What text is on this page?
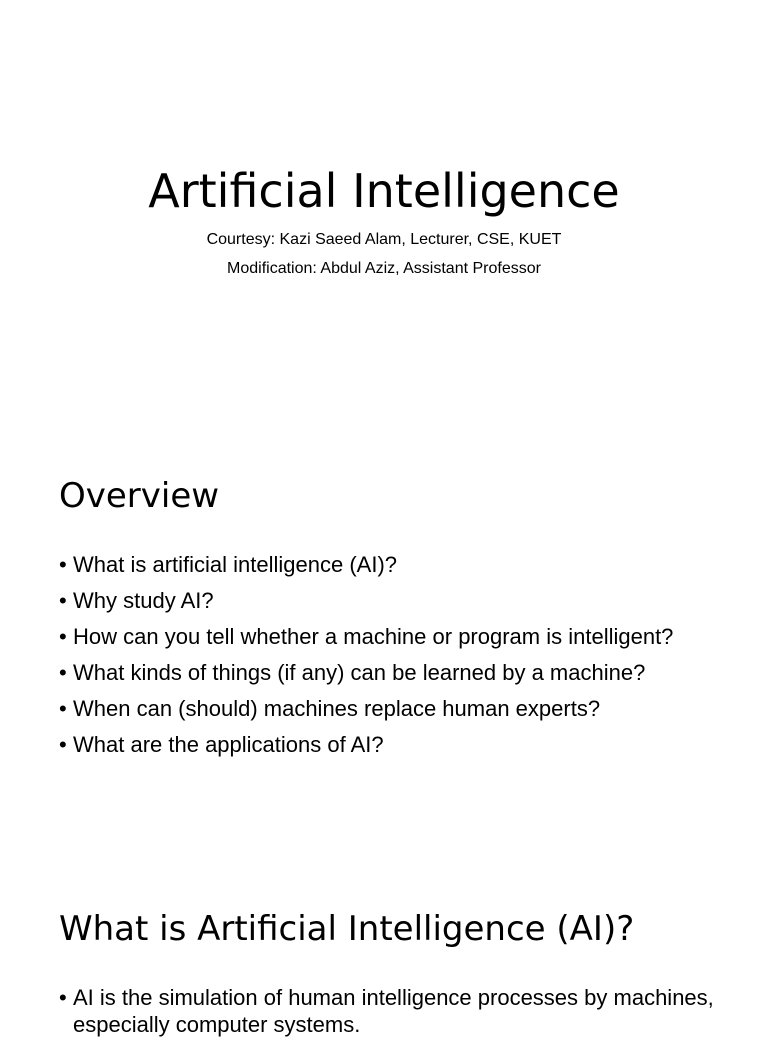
Artificial Intelligence

Courtesy: Kazi Saeed Alam, Lecturer, CSE, KUET

Modification: Abdul Aziz, Assistant Professor

Overview
• What is artificial intelligence (AI)?
• Why study AI?
• How can you tell whether a machine or program is intelligent?
• What kinds of things (if any) can be learned by a machine?
• When can (should) machines replace human experts?
• What are the applications of AI?
What is Artificial Intelligence (AI)?
• AI is the simulation of human intelligence processes by machines, especially computer systems.
